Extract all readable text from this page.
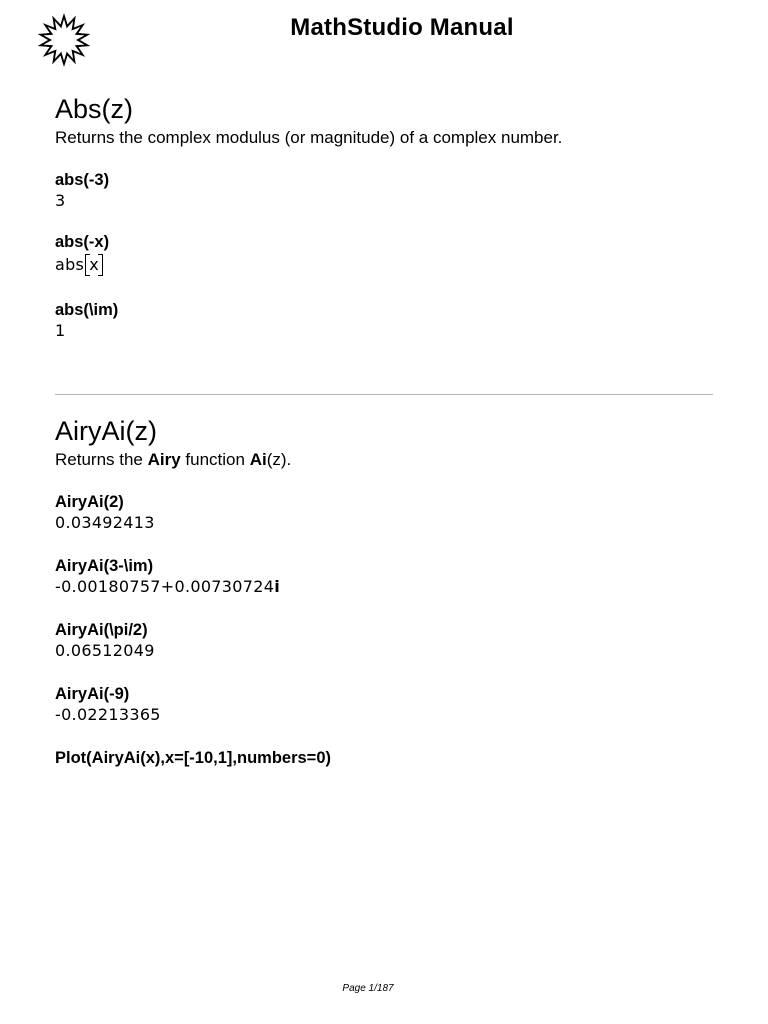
MathStudio Manual
Abs(z)

Returns the complex modulus (or magnitude) of a complex number.

abs(-3)
3
abs(-x)
abs x
abs(\im)
1
AiryAi(z)

Returns the Airy function Ai(z).

AiryAi(2)
0.03492413
AiryAi(3-\im)
-0.00180757+0.00730724i
AiryAi(\pi/2)
0.06512049
AiryAi(-9)
-0.02213365
Plot(AiryAi(x),x=[-10,1],numbers=0)
Page 1/187
